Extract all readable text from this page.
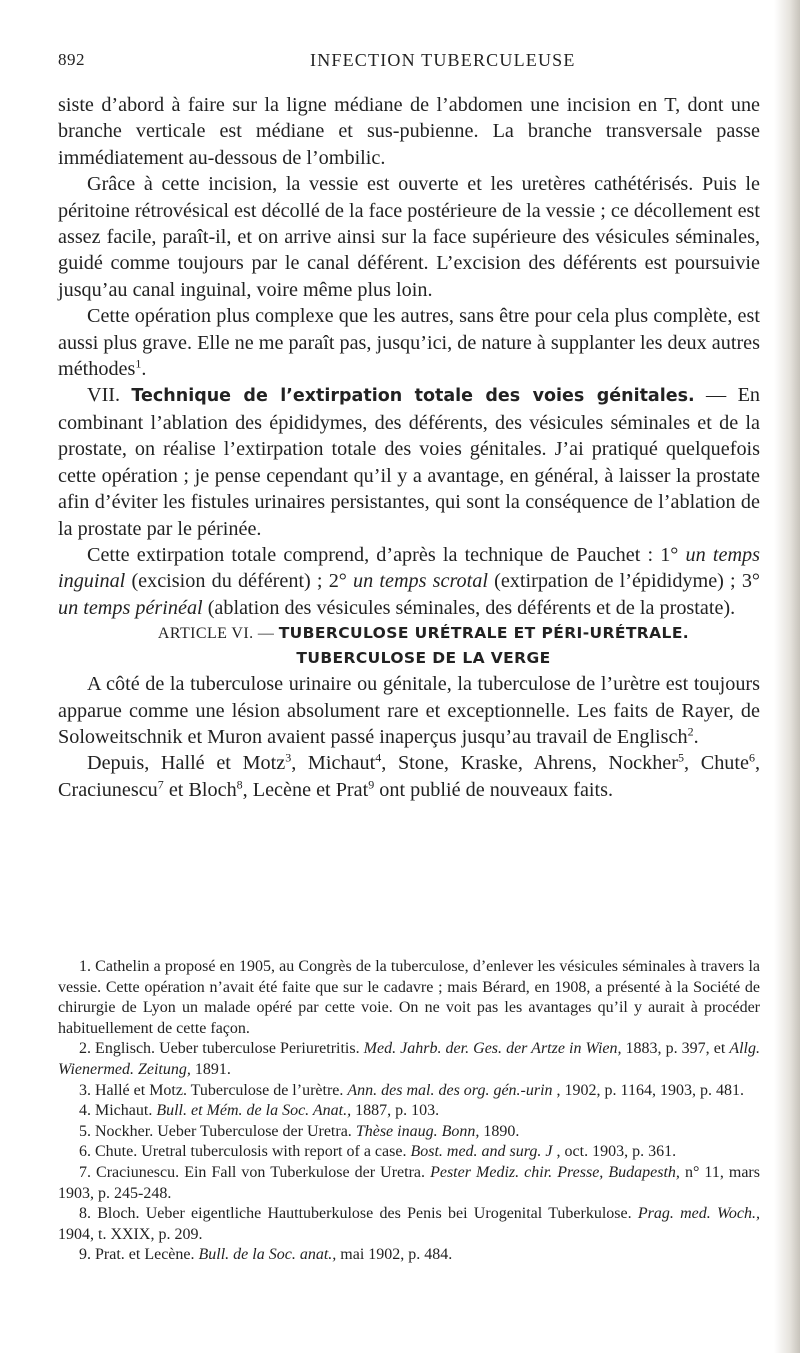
892	INFECTION TUBERCULEUSE

siste d’abord à faire sur la ligne médiane de l’abdomen une incision en T, dont une branche verticale est médiane et sus-pubienne. La branche transversale passe immédiatement au-dessous de l’ombilic.

Grâce à cette incision, la vessie est ouverte et les uretères cathétérisés. Puis le péritoine rétrovésical est décollé de la face postérieure de la vessie ; ce décollement est assez facile, paraît-il, et on arrive ainsi sur la face supérieure des vésicules séminales, guidé comme toujours par le canal déférent. L’excision des déférents est poursuivie jusqu’au canal inguinal, voire même plus loin.

Cette opération plus complexe que les autres, sans être pour cela plus complète, est aussi plus grave. Elle ne me paraît pas, jusqu’ici, de nature à supplanter les deux autres méthodes$^1$.

VII. Technique de l’extirpation totale des voies génitales. — En combinant l’ablation des épididymes, des déférents, des vésicules séminales et de la prostate, on réalise l’extirpation totale des voies génitales. J’ai pratiqué quelquefois cette opération ; je pense cependant qu’il y a avantage, en général, à laisser la prostate afin d’éviter les fistules urinaires persistantes, qui sont la conséquence de l’ablation de la prostate par le périnée.

Cette extirpation totale comprend, d’après la technique de Pauchet : 1° un temps inguinal (excision du déférent) ; 2° un temps scrotal (extirpation de l’épididyme) ; 3° un temps périnéal (ablation des vésicules séminales, des déférents et de la prostate).

ARTICLE VI. — TUBERCULOSE URÉTRALE ET PÉRI-URÉTRALE.
TUBERCULOSE DE LA VERGE

A côté de la tuberculose urinaire ou génitale, la tuberculose de l’urètre est toujours apparue comme une lésion absolument rare et exceptionnelle. Les faits de Rayer, de Soloweitschnik et Muron avaient passé inaperçus jusqu’au travail de Englisch$^2$.

Depuis, Hallé et Motz$^3$, Michaut$^4$, Stone, Kraske, Ahrens, Nockher$^5$, Chute$^6$, Craciunescu$^7$ et Bloch$^8$, Lecène et Prat$^9$ ont publié de nouveaux faits.

1. Cathelin a proposé en 1905, au Congrès de la tuberculose, d’enlever les vésicules séminales à travers la vessie. Cette opération n’avait été faite que sur le cadavre ; mais Bérard, en 1908, a présenté à la Société de chirurgie de Lyon un malade opéré par cette voie. On ne voit pas les avantages qu’il y aurait à procéder habituellement de cette façon.

2. Englisch. Ueber tuberculose Periuretritis. Med. Jahrb. der. Ges. der Artze in Wien, 1883, p. 397, et Allg. Wienermed. Zeitung, 1891.

3. Hallé et Motz. Tuberculose de l’urètre. Ann. des mal. des org. gén.-urin , 1902, p. 1164, 1903, p. 481.

4. Michaut. Bull. et Mém. de la Soc. Anat., 1887, p. 103.

5. Nockher. Ueber Tuberculose der Uretra. Thèse inaug. Bonn, 1890.

6. Chute. Uretral tuberculosis with report of a case. Bost. med. and surg. J , oct. 1903, p. 361.

7. Craciunescu. Ein Fall von Tuberkulose der Uretra. Pester Mediz. chir. Presse, Budapesth, n° 11, mars 1903, p. 245-248.

8. Bloch. Ueber eigentliche Hauttuberkulose des Penis bei Urogenital Tuberkulose. Prag. med. Woch., 1904, t. XXIX, p. 209.

9. Prat. et Lecène. Bull. de la Soc. anat., mai 1902, p. 484.
